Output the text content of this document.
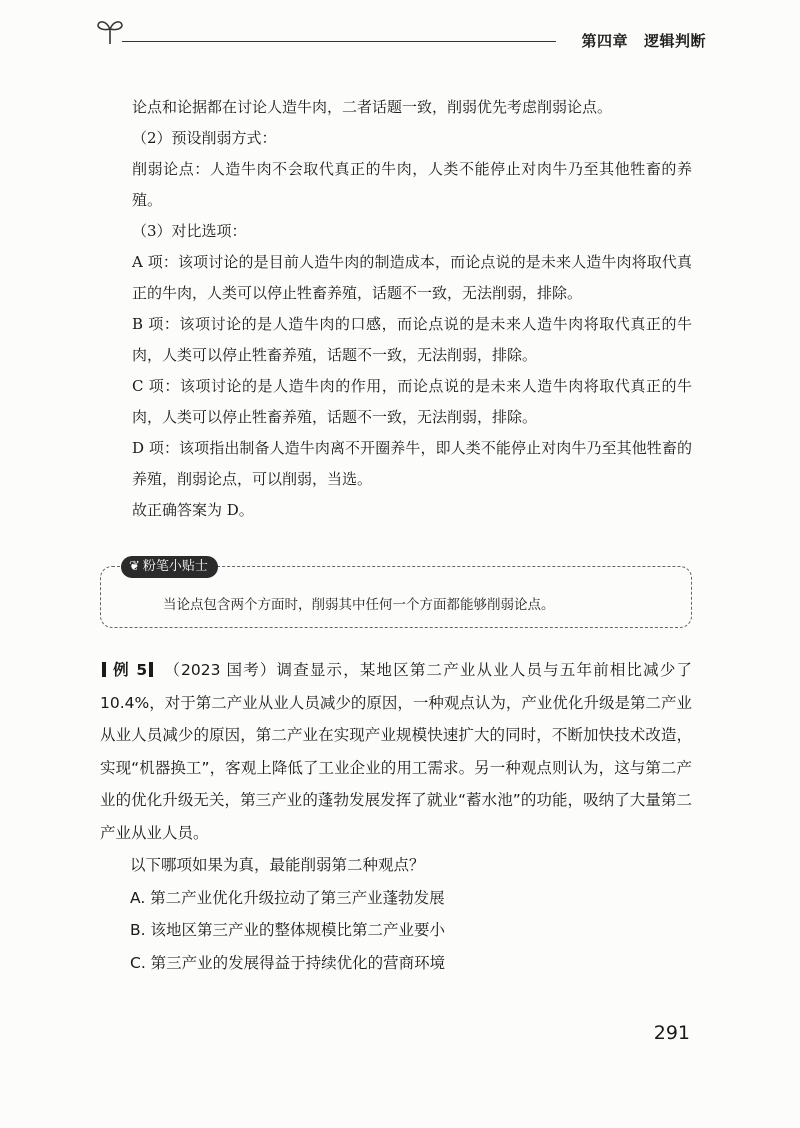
第四章 逻辑判断

论点和论据都在讨论人造牛肉，二者话题一致，削弱优先考虑削弱论点。

（2）预设削弱方式：

削弱论点：人造牛肉不会取代真正的牛肉，人类不能停止对肉牛乃至其他牲畜的养殖。

（3）对比选项：

A 项：该项讨论的是目前人造牛肉的制造成本，而论点说的是未来人造牛肉将取代真正的牛肉，人类可以停止牲畜养殖，话题不一致，无法削弱，排除。

B 项：该项讨论的是人造牛肉的口感，而论点说的是未来人造牛肉将取代真正的牛肉，人类可以停止牲畜养殖，话题不一致，无法削弱，排除。

C 项：该项讨论的是人造牛肉的作用，而论点说的是未来人造牛肉将取代真正的牛肉，人类可以停止牲畜养殖，话题不一致，无法削弱，排除。

D 项：该项指出制备人造牛肉离不开圈养牛，即人类不能停止对肉牛乃至其他牲畜的养殖，削弱论点，可以削弱，当选。

故正确答案为 D。

❦ 粉笔小贴士
当论点包含两个方面时，削弱其中任何一个方面都能够削弱论点。

例 5 （2023 国考）调查显示，某地区第二产业从业人员与五年前相比减少了 10.4%，对于第二产业从业人员减少的原因，一种观点认为，产业优化升级是第二产业从业人员减少的原因，第二产业在实现产业规模快速扩大的同时，不断加快技术改造，实现“机器换工”，客观上降低了工业企业的用工需求。另一种观点则认为，这与第二产业的优化升级无关，第三产业的蓬勃发展发挥了就业“蓄水池”的功能，吸纳了大量第二产业从业人员。

以下哪项如果为真，最能削弱第二种观点？

A. 第二产业优化升级拉动了第三产业蓬勃发展

B. 该地区第三产业的整体规模比第二产业要小

C. 第三产业的发展得益于持续优化的营商环境

291
